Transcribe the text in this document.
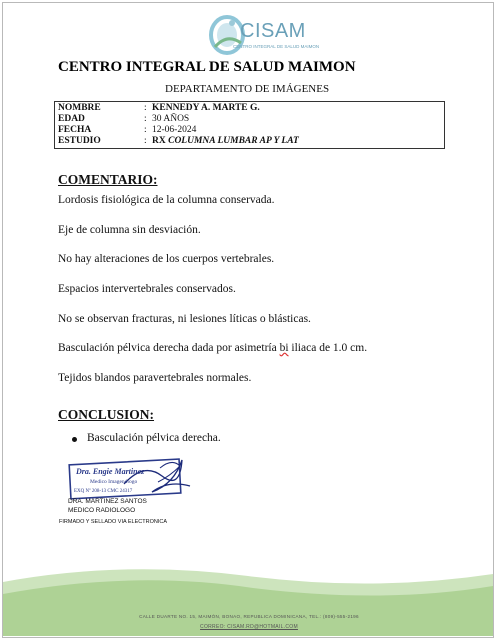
CISAM
CENTRO INTEGRAL DE SALUD MAIMON
CENTRO INTEGRAL DE SALUD MAIMON
DEPARTAMENTO DE IMÁGENES
NOMBRE	: KENNEDY A. MARTE G.
EDAD	: 30 AÑOS
FECHA	: 12-06-2024
ESTUDIO	: RX COLUMNA LUMBAR AP Y LAT
COMENTARIO:
Lordosis fisiológica de la columna conservada.
Eje de columna sin desviación.
No hay alteraciones de los cuerpos vertebrales.
Espacios intervertebrales conservados.
No se observan fracturas, ni lesiones líticas o blásticas.
Basculación pélvica derecha dada por asimetría bi iliaca de 1.0 cm.
Tejidos blandos paravertebrales normales.
CONCLUSION:
Basculación pélvica derecha.
Dra. Engie Martinez
Medico Imagenólogo
EXQ Nº 208-13 CMC 24317
DRA. MARTINEZ SANTOS
MEDICO RADIOLOGO
FIRMADO Y SELLADO VIA ELECTRONICA
CALLE DUARTE NO. 15, MAIMÓN, BONAO, REPUBLICA DOMINICANA, TEL.: (809)-555-2196
CORREO: CISAM.RD@HOTMAIL.COM
